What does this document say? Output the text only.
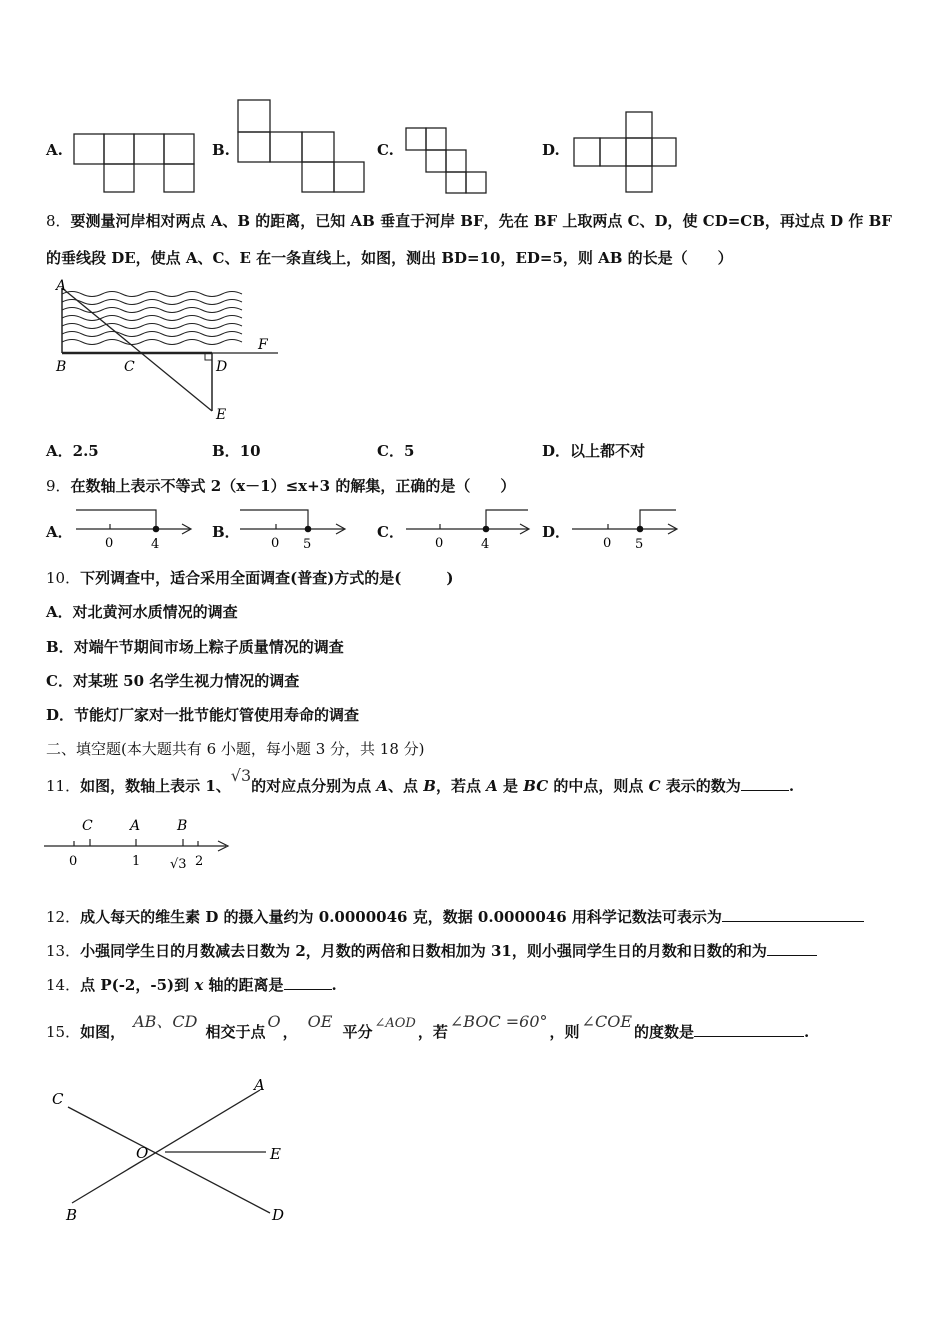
A.	B.	C.	D.
8．要测量河岸相对两点 A、B 的距离，已知 AB 垂直于河岸 BF，先在 BF 上取两点 C、D，使 CD=CB，再过点 D 作 BF
的垂线段 DE，使点 A、C、E 在一条直线上，如图，测出 BD=10，ED=5，则 AB 的长是（　　）
A
B	C	D
E
F
A．2.5	B．10	C．5	D．以上都不对
9．在数轴上表示不等式 2（x－1）≤x+3 的解集，正确的是（　　）
A．
0	4
B．
0 5
C．
0	4
D．
0 5
10．下列调查中，适合采用全面调查(普查)方式的是(　　　)
A．对北黄河水质情况的调查
B．对端午节期间市场上粽子质量情况的调查
C．对某班 50 名学生视力情况的调查
D．节能灯厂家对一批节能灯管使用寿命的调查
二、填空题(本大题共有 6 小题，每小题 3 分，共 18 分)
11．如图，数轴上表示 1、√3的对应点分别为点 A、点 B，若点 A 是 BC 的中点，则点 C 表示的数为	.
C	A	B
0	1 √3 2
12．成人每天的维生素 D 的摄入量约为 0.0000046 克，数据 0.0000046 用科学记数法可表示为
13．小强同学生日的月数减去日数为 2，月数的两倍和日数相加为 31，则小强同学生日的月数和日数的和为
14．点 P(-2，-5)到 x 轴的距离是	.
15．如图，AB、CD相交于点O，OE平分 ∠AOD ，若∠BOC =60°，则∠COE的度数是	.
C
A
O	E
B	D
